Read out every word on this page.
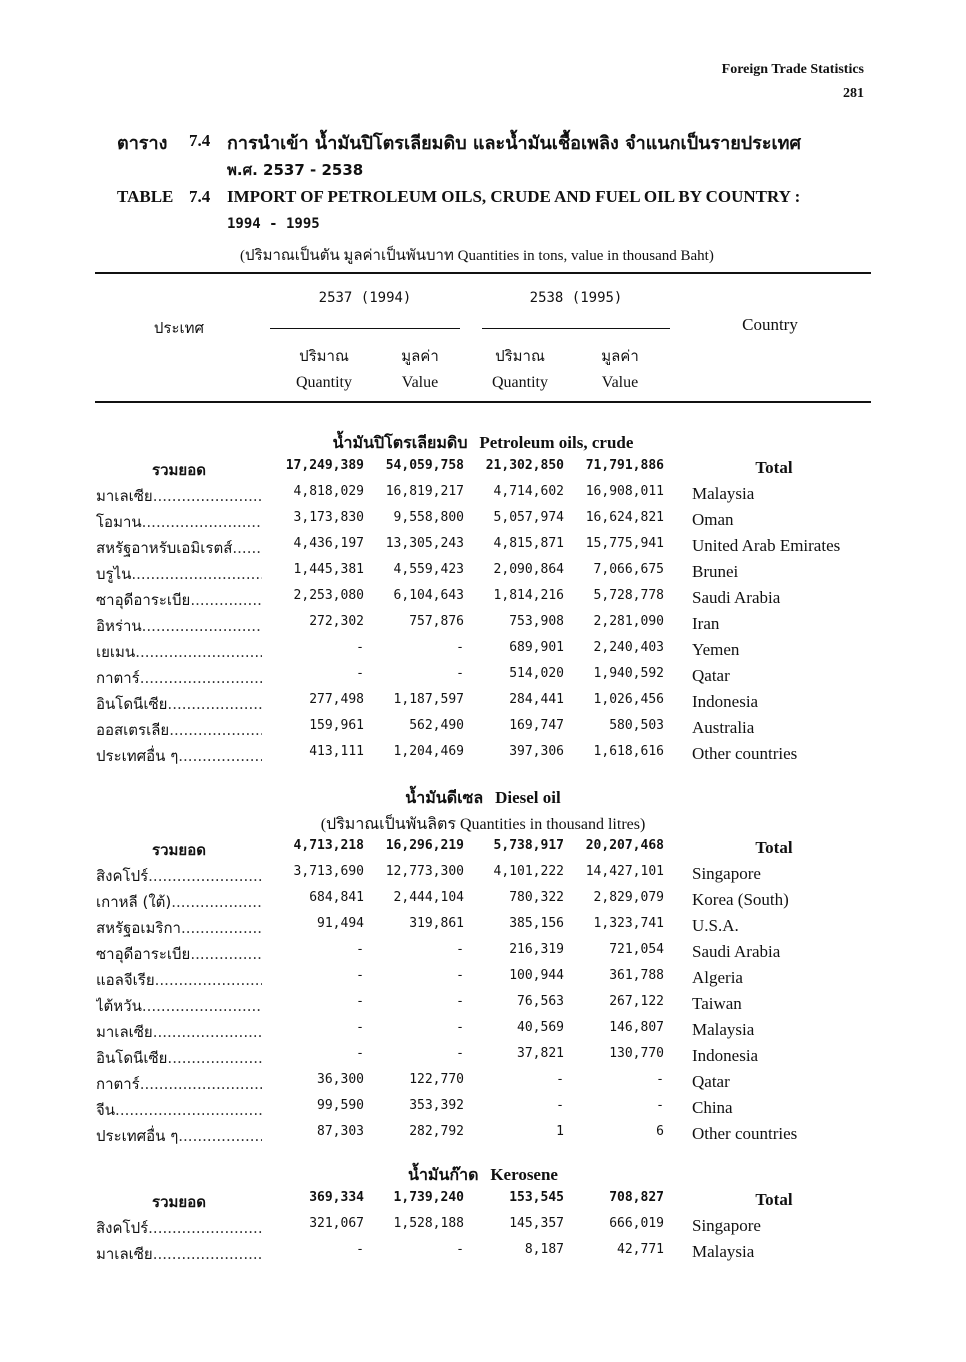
Foreign Trade Statistics
281
ตาราง 7.4 การนำเข้า น้ำมันปิโตรเลียมดิบ และน้ำมันเชื้อเพลิง จำแนกเป็นรายประเทศ
พ.ศ. 2537 - 2538
TABLE 7.4 IMPORT OF PETROLEUM OILS, CRUDE AND FUEL OIL BY COUNTRY :
1994 - 1995
(ปริมาณเป็นตัน มูลค่าเป็นพันบาท Quantities in tons, value in thousand Baht)
2537 (1994)	2538 (1995)
ประเทศ	Country
ปริมาณ	มูลค่า	ปริมาณ	มูลค่า
Quantity	Value	Quantity	Value
น้ำมันปิโตรเลียมดิบ Petroleum oils, crude
รวมยอด	17,249,389	54,059,758	21,302,850	71,791,886	Total
มาเลเซีย .....	4,818,029	16,819,217	4,714,602	16,908,011 Malaysia
โอมาน .....	3,173,830	9,558,800	5,057,974	16,624,821 Oman
สหรัฐอาหรับเอมิเรตส์ .....	4,436,197	13,305,243	4,815,871	15,775,941 United Arab Emirates
บรูไน .....	1,445,381	4,559,423	2,090,864	7,066,675 Brunei
ซาอุดีอาระเบีย .....	2,253,080	6,104,643	1,814,216	5,728,778 Saudi Arabia
อิหร่าน .....	272,302	757,876	753,908	2,281,090 Iran
เยเมน .....	-	-	689,901	2,240,403 Yemen
กาตาร์ .....	-	-	514,020	1,940,592 Qatar
อินโดนีเซีย .....	277,498	1,187,597	284,441	1,026,456 Indonesia
ออสเตรเลีย .....	159,961	562,490	169,747	580,503 Australia
ประเทศอื่น ๆ .....	413,111	1,204,469	397,306	1,618,616 Other countries
น้ำมันดีเซล Diesel oil
(ปริมาณเป็นพันลิตร Quantities in thousand litres)
รวมยอด	4,713,218	16,296,219	5,738,917	20,207,468	Total
สิงคโปร์ .....	3,713,690	12,773,300	4,101,222	14,427,101 Singapore
เกาหลี (ใต้) .....	684,841	2,444,104	780,322	2,829,079 Korea (South)
สหรัฐอเมริกา .....	91,494	319,861	385,156	1,323,741 U.S.A.
ซาอุดีอาระเบีย .....	-	-	216,319	721,054 Saudi Arabia
แอลจีเรีย .....	-	-	100,944	361,788 Algeria
ไต้หวัน .....	-	-	76,563	267,122 Taiwan
มาเลเซีย .....	-	-	40,569	146,807 Malaysia
อินโดนีเซีย .....	-	-	37,821	130,770 Indonesia
กาตาร์ .....	36,300	122,770	-	- Qatar
จีน .....	99,590	353,392	-	- China
ประเทศอื่น ๆ .....	87,303	282,792	1	6 Other countries
น้ำมันก๊าด Kerosene
รวมยอด	369,334	1,739,240	153,545	708,827	Total
สิงคโปร์ .....	321,067	1,528,188	145,357	666,019 Singapore
มาเลเซีย .....	-	-	8,187	42,771 Malaysia
